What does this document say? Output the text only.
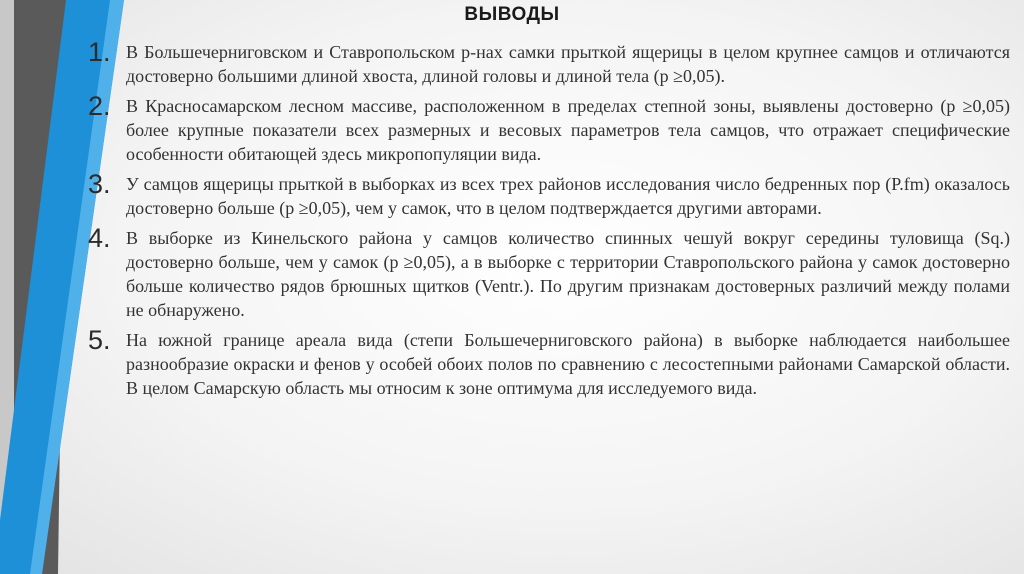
ВЫВОДЫ
1. В Большечерниговском и Ставропольском р-нах самки прыткой ящерицы в целом крупнее самцов и отличаются достоверно большими длиной хвоста, длиной головы и длиной тела (р ≥0,05).

2. В Красносамарском лесном массиве, расположенном в пределах степной зоны, выявлены достоверно (р ≥0,05) более крупные показатели всех размерных и весовых параметров тела самцов, что отражает специфические особенности обитающей здесь микропопуляции вида.

3. У самцов ящерицы прыткой в выборках из всех трех районов исследования число бедренных пор (P.fm) оказалось достоверно больше (р ≥0,05), чем у самок, что в целом подтверждается другими авторами.

4. В выборке из Кинельского района у самцов количество спинных чешуй вокруг середины туловища (Sq.) достоверно больше, чем у самок (р ≥0,05), а в выборке с территории Ставропольского района у самок достоверно больше количество рядов брюшных щитков (Ventr.). По другим признакам достоверных различий между полами не обнаружено.

5. На южной границе ареала вида (степи Большечерниговского района) в выборке наблюдается наибольшее разнообразие окраски и фенов у особей обоих полов по сравнению с лесостепными районами Самарской области. В целом Самарскую область мы относим к зоне оптимума для исследуемого вида.
